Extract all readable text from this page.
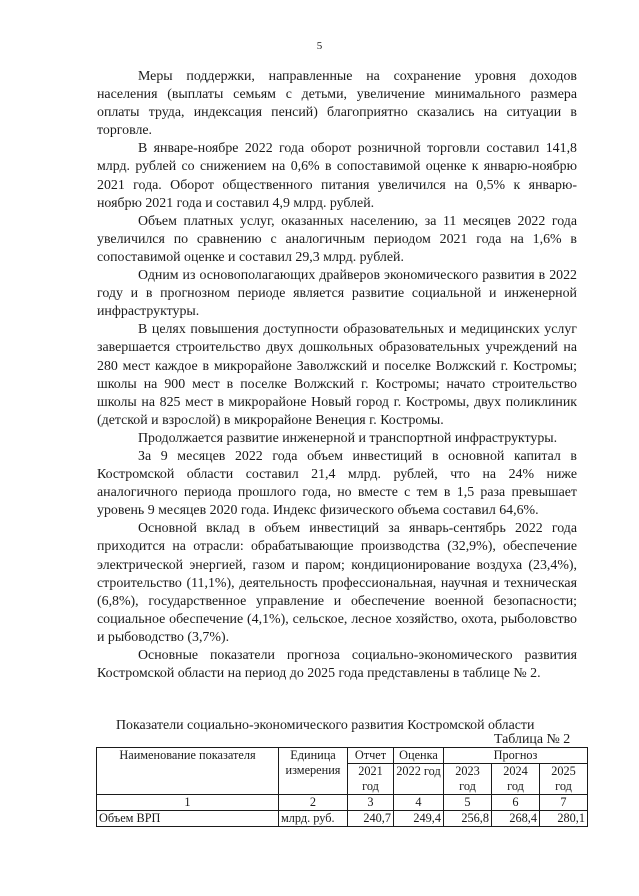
5

Меры поддержки, направленные на сохранение уровня доходов населения (выплаты семьям с детьми, увеличение минимального размера оплаты труда, индексация пенсий) благоприятно сказались на ситуации в торговле.

В январе-ноябре 2022 года оборот розничной торговли составил 141,8 млрд. рублей со снижением на 0,6% в сопоставимой оценке к январю-ноябрю 2021 года. Оборот общественного питания увеличился на 0,5% к январю-ноябрю 2021 года и составил 4,9 млрд. рублей.

Объем платных услуг, оказанных населению, за 11 месяцев 2022 года увеличился по сравнению с аналогичным периодом 2021 года на 1,6% в сопоставимой оценке и составил 29,3 млрд. рублей.

Одним из основополагающих драйверов экономического развития в 2022 году и в прогнозном периоде является развитие социальной и инженерной инфраструктуры.

В целях повышения доступности образовательных и медицинских услуг завершается строительство двух дошкольных образовательных учреждений на 280 мест каждое в микрорайоне Заволжский и поселке Волжский г. Костромы; школы на 900 мест в поселке Волжский г. Костромы; начато строительство школы на 825 мест в микрорайоне Новый город г. Костромы, двух поликлиник (детской и взрослой) в микрорайоне Венеция г. Костромы.

Продолжается развитие инженерной и транспортной инфраструктуры.

За 9 месяцев 2022 года объем инвестиций в основной капитал в Костромской области составил 21,4 млрд. рублей, что на 24% ниже аналогичного периода прошлого года, но вместе с тем в 1,5 раза превышает уровень 9 месяцев 2020 года. Индекс физического объема составил 64,6%.

Основной вклад в объем инвестиций за январь-сентябрь 2022 года приходится на отрасли: обрабатывающие производства (32,9%), обеспечение электрической энергией, газом и паром; кондиционирование воздуха (23,4%), строительство (11,1%), деятельность профессиональная, научная и техническая (6,8%), государственное управление и обеспечение военной безопасности; социальное обеспечение (4,1%), сельское, лесное хозяйство, охота, рыболовство и рыбоводство (3,7%).

Основные показатели прогноза социально-экономического развития Костромской области на период до 2025 года представлены в таблице № 2.

Показатели социально-экономического развития Костромской области
Таблица № 2
Наименование показателя	Единица измерения	Отчет	Оценка	Прогноз		
		2021 год	2022 год	2023 год	2024 год	2025 год
1	2	3	4	5	6	7
Объем ВРП	млрд. руб.	240,7	249,4	256,8	268,4	280,1
